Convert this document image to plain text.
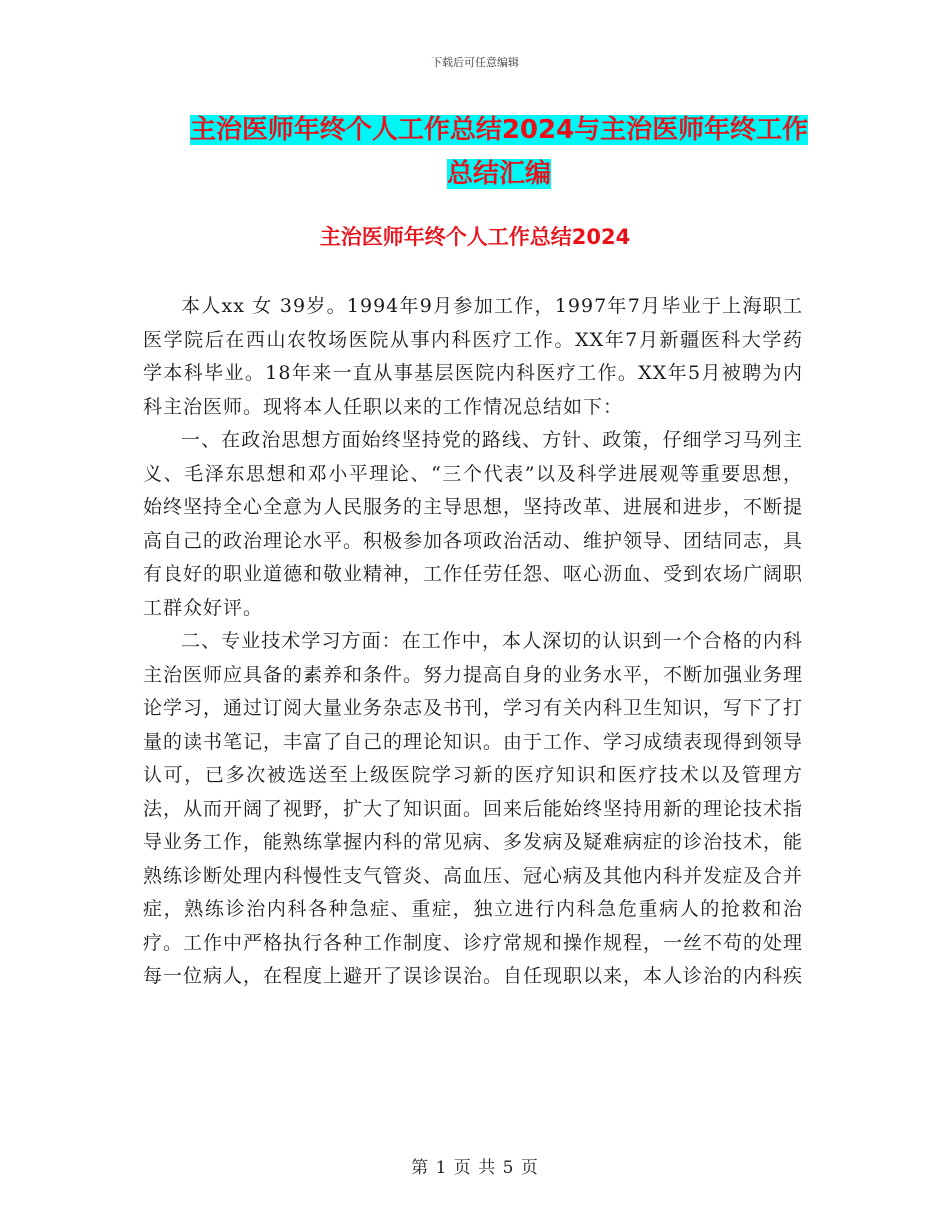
下载后可任意编辑
主治医师年终个人工作总结2024与主治医师年终工作总结汇编
主治医师年终个人工作总结2024

本人xx 女 39岁。1994年9月参加工作，1997年7月毕业于上海职工医学院后在西山农牧场医院从事内科医疗工作。XX年7月新疆医科大学药学本科毕业。18年来一直从事基层医院内科医疗工作。XX年5月被聘为内科主治医师。现将本人任职以来的工作情况总结如下：

一、在政治思想方面始终坚持党的路线、方针、政策，仔细学习马列主义、毛泽东思想和邓小平理论、“三个代表”以及科学进展观等重要思想，始终坚持全心全意为人民服务的主导思想，坚持改革、进展和进步，不断提高自己的政治理论水平。积极参加各项政治活动、维护领导、团结同志，具有良好的职业道德和敬业精神，工作任劳任怨、呕心沥血、受到农场广阔职工群众好评。

二、专业技术学习方面：在工作中，本人深切的认识到一个合格的内科主治医师应具备的素养和条件。努力提高自身的业务水平，不断加强业务理论学习，通过订阅大量业务杂志及书刊，学习有关内科卫生知识，写下了打量的读书笔记，丰富了自己的理论知识。由于工作、学习成绩表现得到领导认可，已多次被选送至上级医院学习新的医疗知识和医疗技术以及管理方法，从而开阔了视野，扩大了知识面。回来后能始终坚持用新的理论技术指导业务工作，能熟练掌握内科的常见病、多发病及疑难病症的诊治技术，能熟练诊断处理内科慢性支气管炎、高血压、冠心病及其他内科并发症及合并症，熟练诊治内科各种急症、重症，独立进行内科急危重病人的抢救和治疗。工作中严格执行各种工作制度、诊疗常规和操作规程，一丝不苟的处理每一位病人，在程度上避开了误诊误治。自任现职以来，本人诊治的内科疾

第 1 页 共 5 页
